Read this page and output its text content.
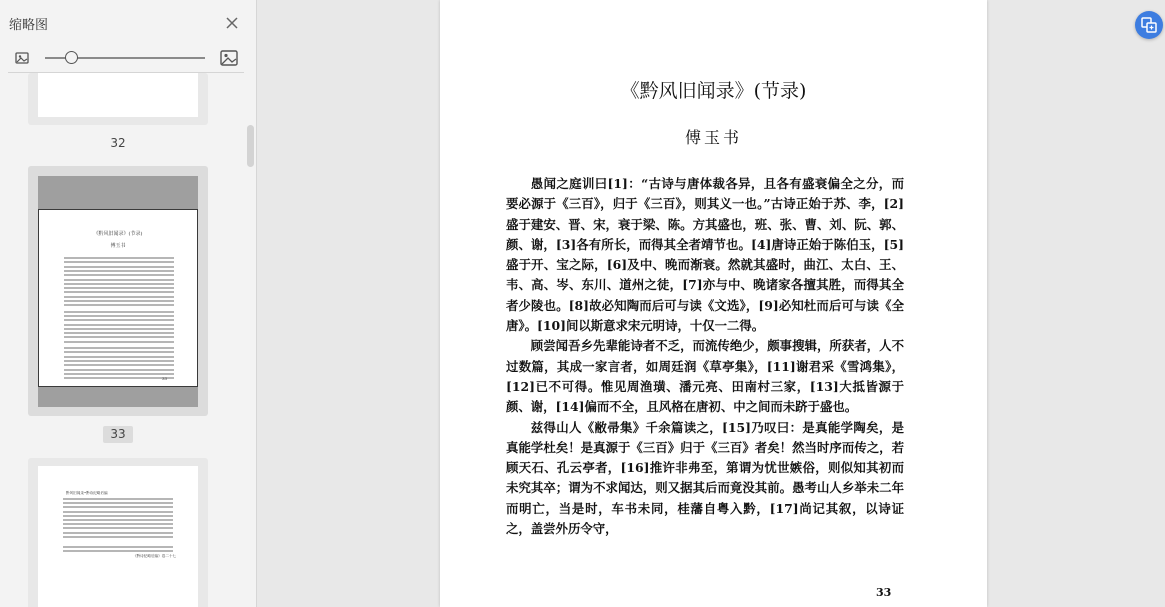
缩略图
32
《黔风旧闻录》(节录)
傅玉书
33
33
黔风旧闻录•黔诗纪略后编
《黔诗纪略后编》卷二十七
《黔风旧闻录》(节录)
傅玉书

愚闻之庭训曰[1]：“古诗与唐体裁各异，且各有盛衰偏全之分，而要必源于《三百》，归于《三百》，则其义一也。”古诗正始于苏、李，[2]盛于建安、晋、宋，衰于梁、陈。方其盛也，班、张、曹、刘、阮、郭、颜、谢，[3]各有所长，而得其全者靖节也。[4]唐诗正始于陈伯玉，[5]盛于开、宝之际，[6]及中、晚而渐衰。然就其盛时，曲江、太白、王、韦、高、岑、东川、道州之徒，[7]亦与中、晚诸家各擅其胜，而得其全者少陵也。[8]故必知陶而后可与读《文选》，[9]必知杜而后可与读《全唐》。[10]间以斯意求宋元明诗，十仅一二得。

顾尝闻吾乡先辈能诗者不乏，而流传绝少，颇事搜辑，所获者，人不过数篇，其成一家言者，如周廷润《草亭集》，[11]谢君采《雪鸿集》，[12]已不可得。惟见周渔璜、潘元亮、田南村三家，[13]大抵皆源于颜、谢，[14]偏而不全，且风格在唐初、中之间而未跻于盛也。

兹得山人《敝帚集》千余篇读之，[15]乃叹曰：是真能学陶矣，是真能学杜矣！是真源于《三百》归于《三百》者矣！然当时序而传之，若顾天石、孔云亭者，[16]推许非弗至，第谓为忧世嫉俗，则似知其初而未究其卒；谓为不求闻达，则又据其后而竟没其前。愚考山人乡举未二年而明亡，当是时，车书未同，桂藩自粤入黔，[17]尚记其叙，以诗证之，盖尝外历令守，

33
